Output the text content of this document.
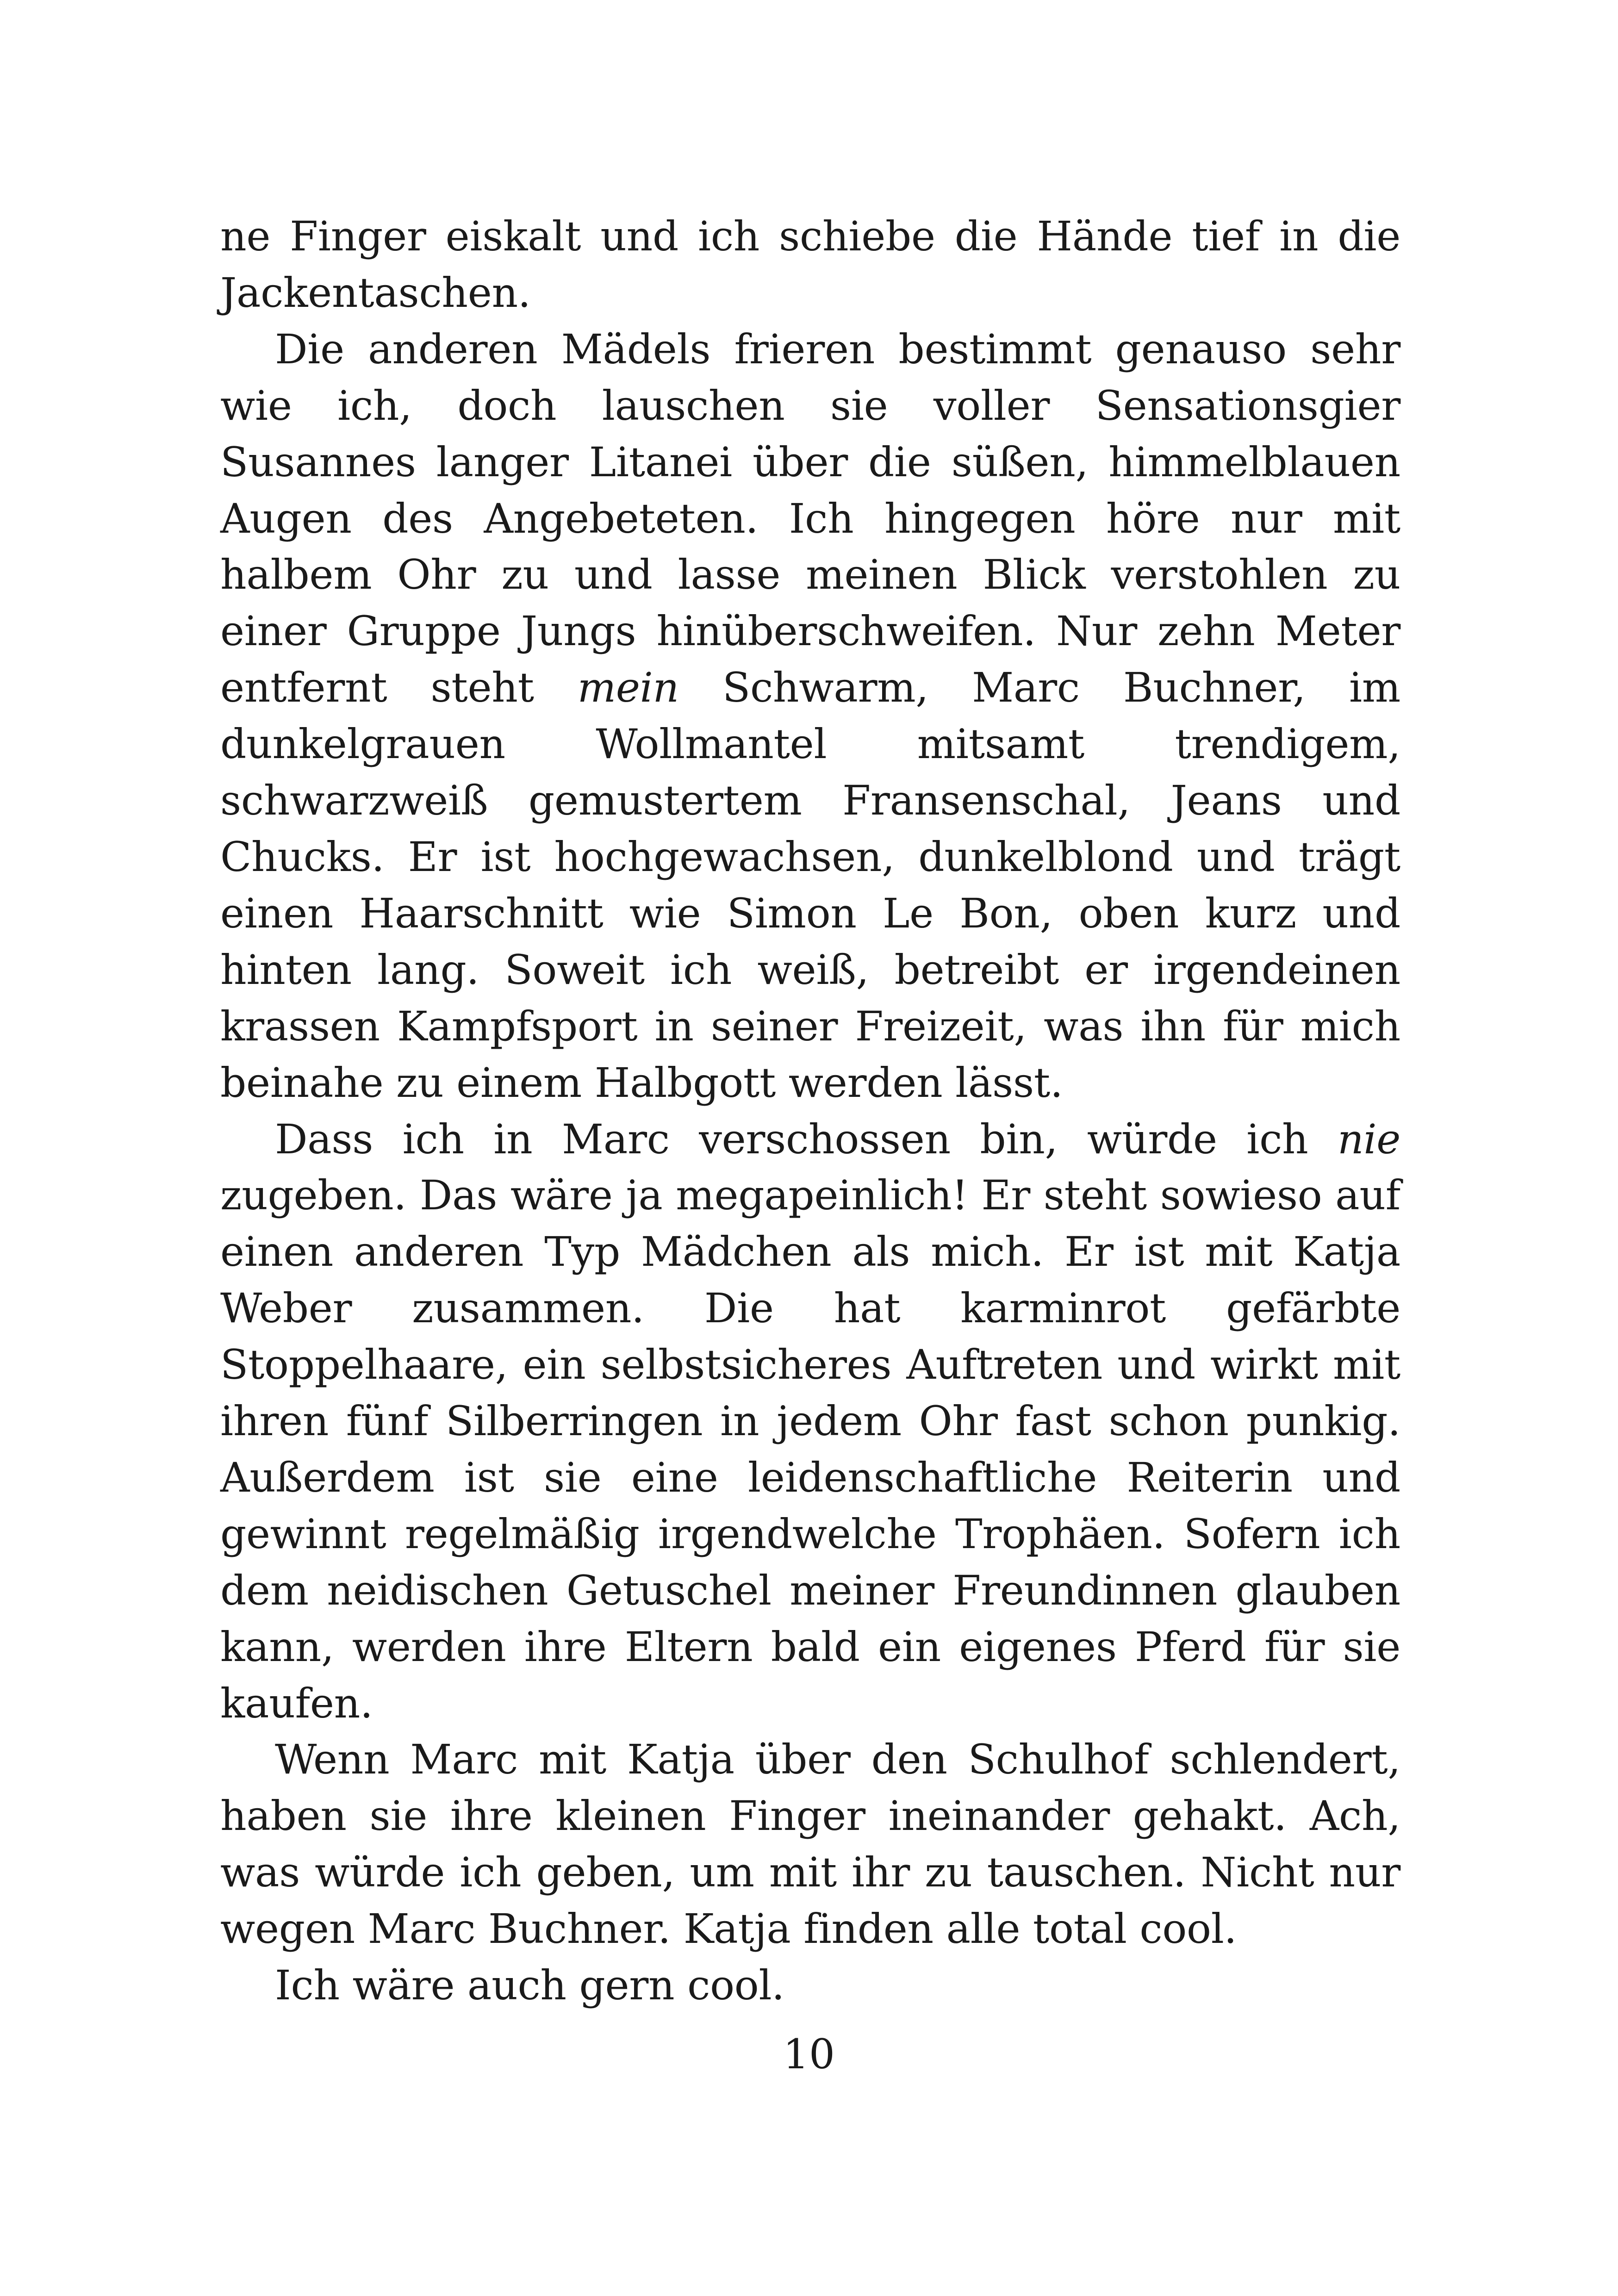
ne Finger eiskalt und ich schiebe die Hände tief in die Jackentaschen.

Die anderen Mädels frieren bestimmt genauso sehr wie ich, doch lauschen sie voller Sensationsgier Susannes langer Litanei über die süßen, himmelblauen Augen des Angebeteten. Ich hingegen höre nur mit halbem Ohr zu und lasse meinen Blick verstohlen zu einer Gruppe Jungs hinüberschweifen. Nur zehn Meter entfernt steht mein Schwarm, Marc Buchner, im dunkelgrauen Wollmantel mitsamt trendigem, schwarzweiß gemustertem Fransenschal, Jeans und Chucks. Er ist hochgewachsen, dunkelblond und trägt einen Haarschnitt wie Simon Le Bon, oben kurz und hinten lang. Soweit ich weiß, betreibt er irgendeinen krassen Kampfsport in seiner Freizeit, was ihn für mich beinahe zu einem Halbgott werden lässt.

Dass ich in Marc verschossen bin, würde ich nie zugeben. Das wäre ja megapeinlich! Er steht sowieso auf einen anderen Typ Mädchen als mich. Er ist mit Katja Weber zusammen. Die hat karminrot gefärbte Stoppelhaare, ein selbstsicheres Auftreten und wirkt mit ihren fünf Silberringen in jedem Ohr fast schon punkig. Außerdem ist sie eine leidenschaftliche Reiterin und gewinnt regelmäßig irgendwelche Trophäen. Sofern ich dem neidischen Getuschel meiner Freundinnen glauben kann, werden ihre Eltern bald ein eigenes Pferd für sie kaufen.

Wenn Marc mit Katja über den Schulhof schlendert, haben sie ihre kleinen Finger ineinander gehakt. Ach, was würde ich geben, um mit ihr zu tauschen. Nicht nur wegen Marc Buchner. Katja finden alle total cool.

Ich wäre auch gern cool.

10
